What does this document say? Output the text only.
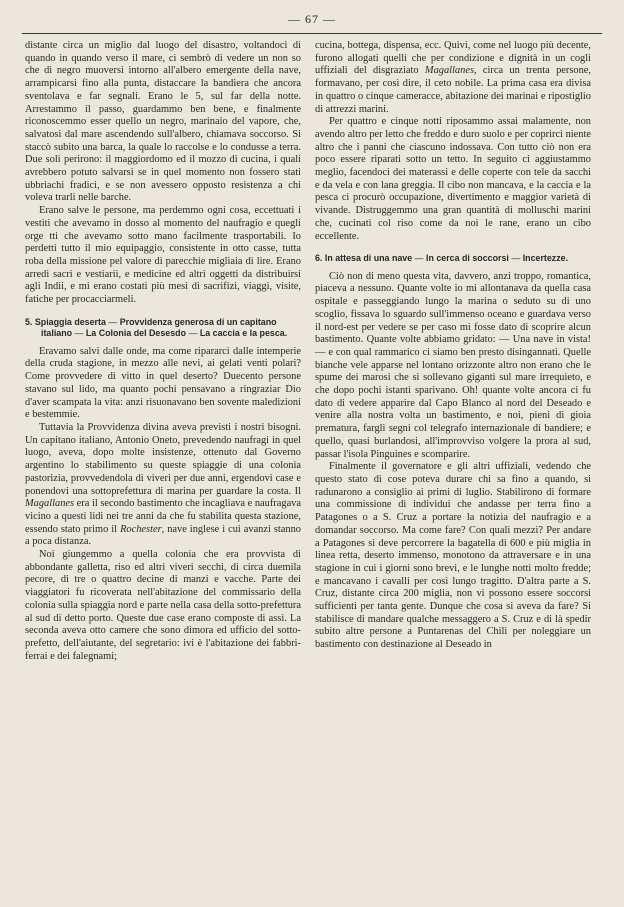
— 67 —

distante circa un miglio dal luogo del disastro, voltandoci di quando in quando verso il mare, ci sembrò di vedere un non so che di negro muoversi intorno all'albero emergente della nave, arrampicarsi fino alla punta, distaccare la bandiera che ancora sventolava e far segnali. Erano le 5, sul far della notte. Arrestammo il passo, guardammo ben bene, e finalmente riconoscemmo esser quello un negro, marinaio del vapore, che, salvatosi dal mare ascendendo sull'albero, chiamava soccorso. Si staccò subito una barca, la quale lo raccolse e lo condusse a terra. Due soli perirono: il maggiordomo ed il mozzo di cucina, i quali avrebbero potuto salvarsi se in quel momento non fossero stati ubbriachi fradici, e se non avessero opposto resistenza a chi voleva trarli nelle barche.

Erano salve le persone, ma perdemmo ogni cosa, eccettuati i vestiti che avevamo in dosso al momento del naufragio e quegli orge tti che avevamo sotto mano facilmente trasportabili. Io perdetti tutto il mio equipaggio, consistente in otto casse, tutta roba della missione pel valore di parecchie migliaia di lire. Erano arredi sacri e vestiarii, e medicine ed altri oggetti da distribuirsi agli Indii, e mi erano costati più mesi di sacrifizi, viaggi, visite, fatiche per procacciarmeli.

5. Spiaggia deserta — Provvidenza generosa di un capitano italiano — La Colonia del Desesdo — La caccia e la pesca.

Eravamo salvi dalle onde, ma come ripararci dalle intemperie della cruda stagione, in mezzo alle nevi, ai gelati venti polari? Come provvedere di vitto in quel deserto? Duecento persone stavano sul lido, ma quanto pochi pensavano a ringraziar Dio d'aver scampata la vita: anzi risuonavano ben sovente maledizioni e bestemmie.

Tuttavia la Provvidenza divina aveva previsti i nostri bisogni. Un capitano italiano, Antonio Oneto, prevedendo naufragi in quel luogo, aveva, dopo molte insistenze, ottenuto dal Governo argentino lo stabilimento su queste spiaggie di una colonia pastorizia, provvedendola di viveri per due anni, ergendovi case e ponendovi una sottoprefettura di marina per guardare la costa. Il Magallanes era il secondo bastimento che incagliava e naufragava vicino a questi lidi nei tre anni da che fu stabilita questa stazione, essendo stato primo il Rochester, nave inglese i cui avanzi stanno a poca distanza.

Noi giungemmo a quella colonia che era provvista di abbondante galletta, riso ed altri viveri secchi, di circa duemila pecore, di tre o quattro decine di manzi e vacche. Parte dei viaggiatori fu ricoverata nell'abitazione del commissario della colonia sulla spiaggia nord e parte nella casa della sotto-prefettura al sud di detto porto. Queste due case erano composte di assi. La seconda aveva otto camere che sono dimora ed ufficio del sotto-prefetto, dell'aiutante, del segretario: ivi è l'abitazione dei fabbri-ferrai e dei falegnami;

cucina, bottega, dispensa, ecc. Quivi, come nel luogo più decente, furono allogati quelli che per condizione e dignità in un cogli uffiziali del disgraziato Magallanes, circa un trenta persone, formavano, per così dire, il ceto nobile. La prima casa era divisa in quattro o cinque cameracce, abitazione dei marinai e ripostiglio di attrezzi marini.

Per quattro e cinque notti riposammo assai malamente, non avendo altro per letto che freddo e duro suolo e per coprirci niente altro che i panni che ciascuno indossava. Con tutto ciò non era poco essere riparati sotto un tetto. In seguito ci aggiustammo meglio, facendoci dei materassi e delle coperte con tele da sacchi e da vela e con lana greggia. Il cibo non mancava, e la caccia e la pesca ci procurò occupazione, divertimento e maggior varietà di vivande. Distruggemmo una gran quantità di molluschi marini che, cucinati col riso come da noi le rane, erano un cibo eccellente.

6. In attesa di una nave — In cerca di soccorsi — Incertezze.

Ciò non di meno questa vita, davvero, anzi troppo, romantica, piaceva a nessuno. Quante volte io mi allontanava da quella casa ospitale e passeggiando lungo la marina o seduto su di uno scoglio, fissava lo sguardo sull'immenso oceano e guardava verso il nord-est per vedere se per caso mi fosse dato di scoprire alcun bastimento. Quante volte abbiamo gridato: — Una nave in vista! — e con qual rammarico ci siamo ben presto disingannati. Quelle bianche vele apparse nel lontano orizzonte altro non erano che le spume dei marosi che si sollevano giganti sul mare irrequieto, e che dopo pochi istanti sparivano. Oh! quante volte ancora ci fu dato di vedere apparire dal Capo Blanco al nord del Deseado e venire alla nostra volta un bastimento, e noi, pieni di gioia prematura, fargli segni col telegrafo internazionale di bandiere; e quello, quasi burlandosi, all'improvviso volgere la prora al sud, passar l'isola Pinguines e scomparire.

Finalmente il governatore e gli altri uffiziali, vedendo che questo stato di cose poteva durare chi sa fino a quando, si radunarono a consiglio ai primi di luglio. Stabilirono di formare una commissione di individui che andasse per terra fino a Patagones o a S. Cruz a portare la notizia del naufragio e a domandar soccorso. Ma come fare? Con quali mezzi? Per andare a Patagones si deve percorrere la bagatella di 600 e più miglia in linea retta, deserto immenso, monotono da attraversare e in una stagione in cui i giorni sono brevi, e le lunghe notti molto fredde; e mancavano i cavalli per così lungo tragitto. D'altra parte a S. Cruz, distante circa 200 miglia, non vi possono essere soccorsi sufficienti per tanta gente. Dunque che cosa si aveva da fare? Si stabilisce di mandare qualche messaggero a S. Cruz e di là spedir subito altre persone a Puntarenas del Chilì per noleggiare un bastimento con destinazione al Deseado in
